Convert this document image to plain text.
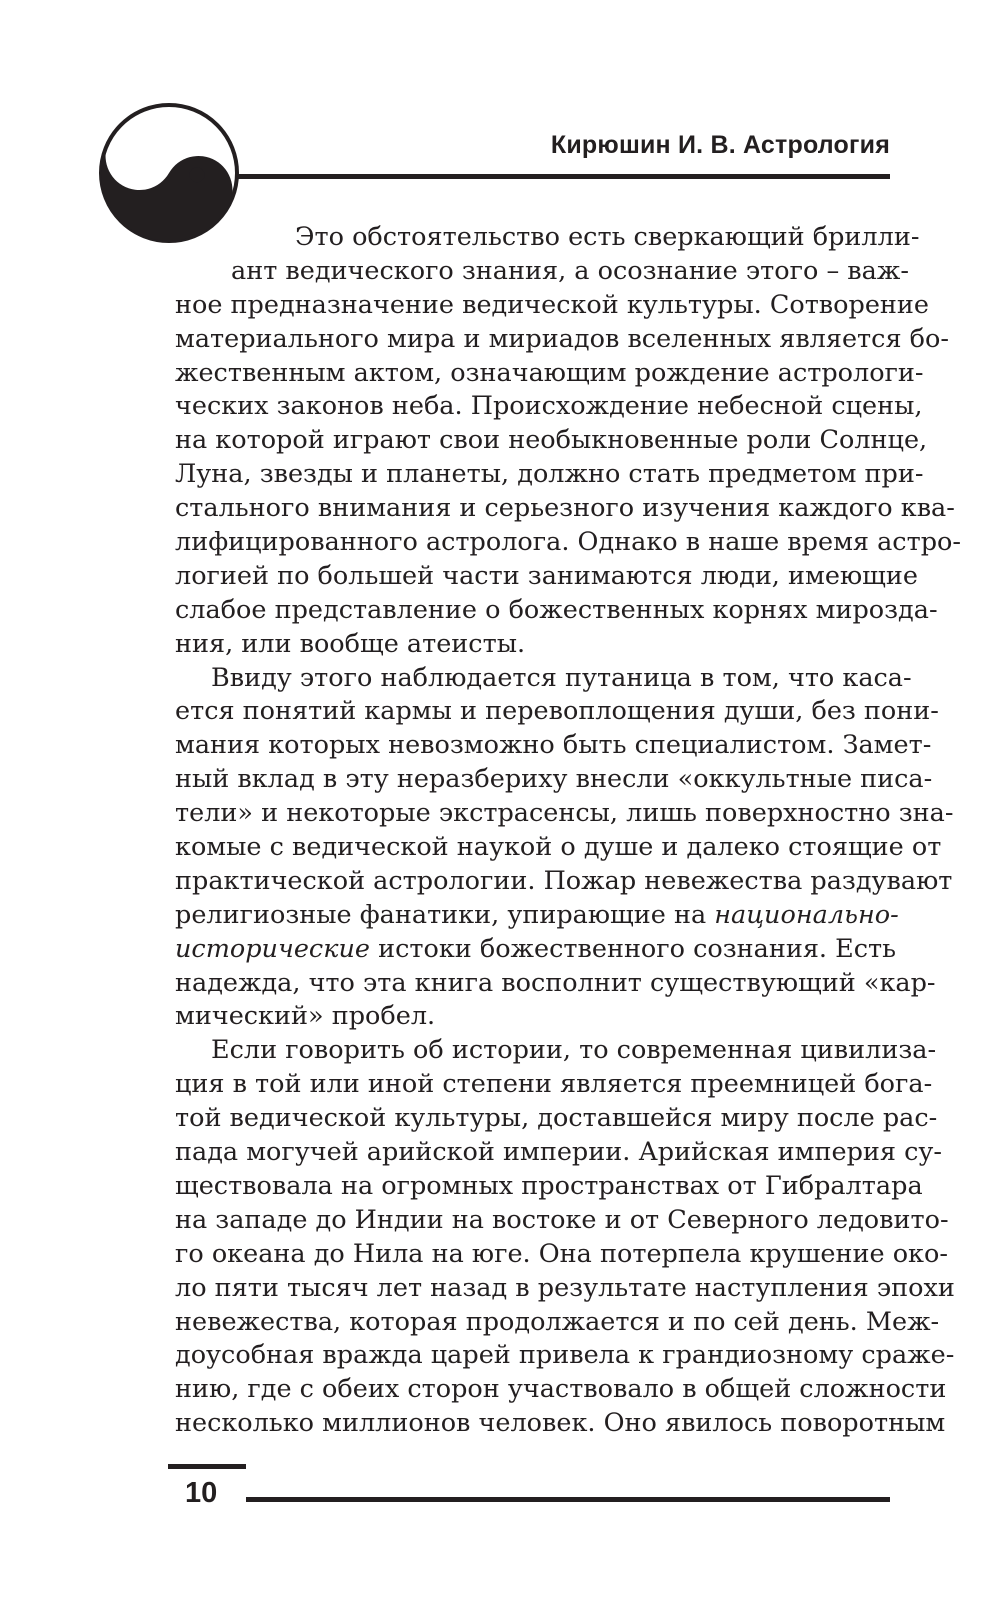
Кирюшин И. В. Астрология
Это обстоятельство есть сверкающий брилли-
ант ведического знания, а осознание этого – важ-
ное предназначение ведической культуры. Сотворение
материального мира и мириадов вселенных является бо-
жественным актом, означающим рождение астрологи-
ческих законов неба. Происхождение небесной сцены,
на которой играют свои необыкновенные роли Солнце,
Луна, звезды и планеты, должно стать предметом при-
стального внимания и серьезного изучения каждого ква-
лифицированного астролога. Однако в наше время астро-
логией по большей части занимаются люди, имеющие
слабое представление о божественных корнях мирозда-
ния, или вообще атеисты.
Ввиду этого наблюдается путаница в том, что каса-
ется понятий кармы и перевоплощения души, без пони-
мания которых невозможно быть специалистом. Замет-
ный вклад в эту неразбериху внесли «оккультные писа-
тели» и некоторые экстрасенсы, лишь поверхностно зна-
комые с ведической наукой о душе и далеко стоящие от
практической астрологии. Пожар невежества раздувают
религиозные фанатики, упирающие на национально-
исторические истоки божественного сознания. Есть
надежда, что эта книга восполнит существующий «кар-
мический» пробел.
Если говорить об истории, то современная цивилиза-
ция в той или иной степени является преемницей бога-
той ведической культуры, доставшейся миру после рас-
пада могучей арийской империи. Арийская империя су-
ществовала на огромных пространствах от Гибралтара
на западе до Индии на востоке и от Северного ледовито-
го океана до Нила на юге. Она потерпела крушение око-
ло пяти тысяч лет назад в результате наступления эпохи
невежества, которая продолжается и по сей день. Меж-
доусобная вражда царей привела к грандиозному сраже-
нию, где с обеих сторон участвовало в общей сложности
несколько миллионов человек. Оно явилось поворотным
10
